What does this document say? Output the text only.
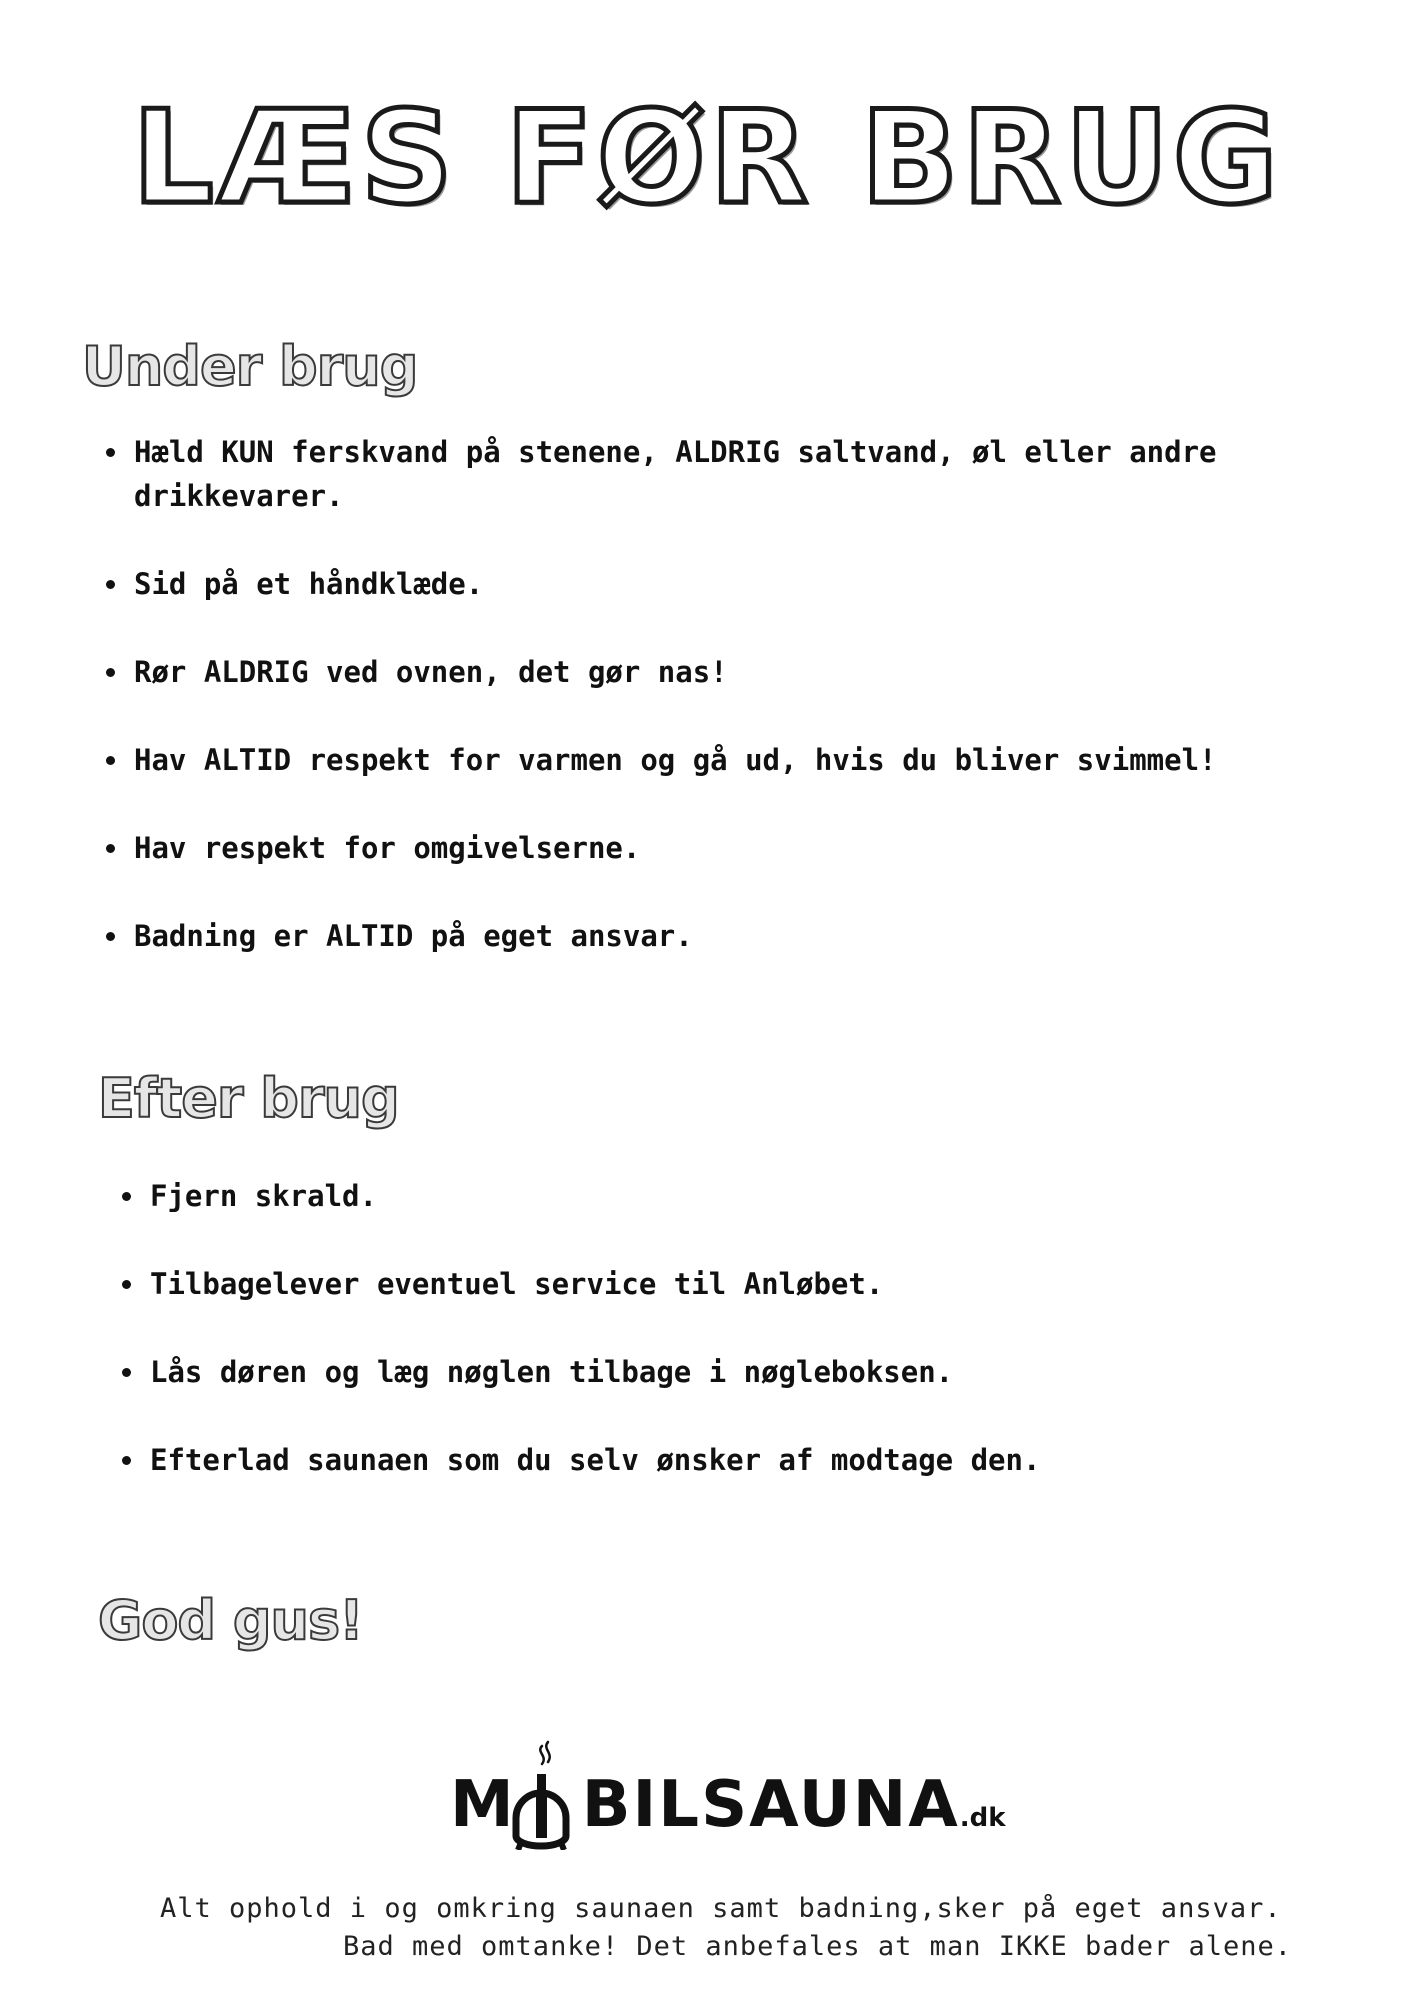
LÆS FØR BRUG
Under brug
Hæld KUN ferskvand på stenene, ALDRIG saltvand, øl eller andre drikkevarer.
Sid på et håndklæde.
Rør ALDRIG ved ovnen, det gør nas!
Hav ALTID respekt for varmen og gå ud, hvis du bliver svimmel!
Hav respekt for omgivelserne.
Badning er ALTID på eget ansvar.
Efter brug
Fjern skrald.
Tilbagelever eventuel service til Anløbet.
Lås døren og læg nøglen tilbage i nøgleboksen.
Efterlad saunaen som du selv ønsker af modtage den.
God gus!
M BILSAUNA.dk
Alt ophold i og omkring saunaen samt badning,sker på eget ansvar.
Bad med omtanke! Det anbefales at man IKKE bader alene.
